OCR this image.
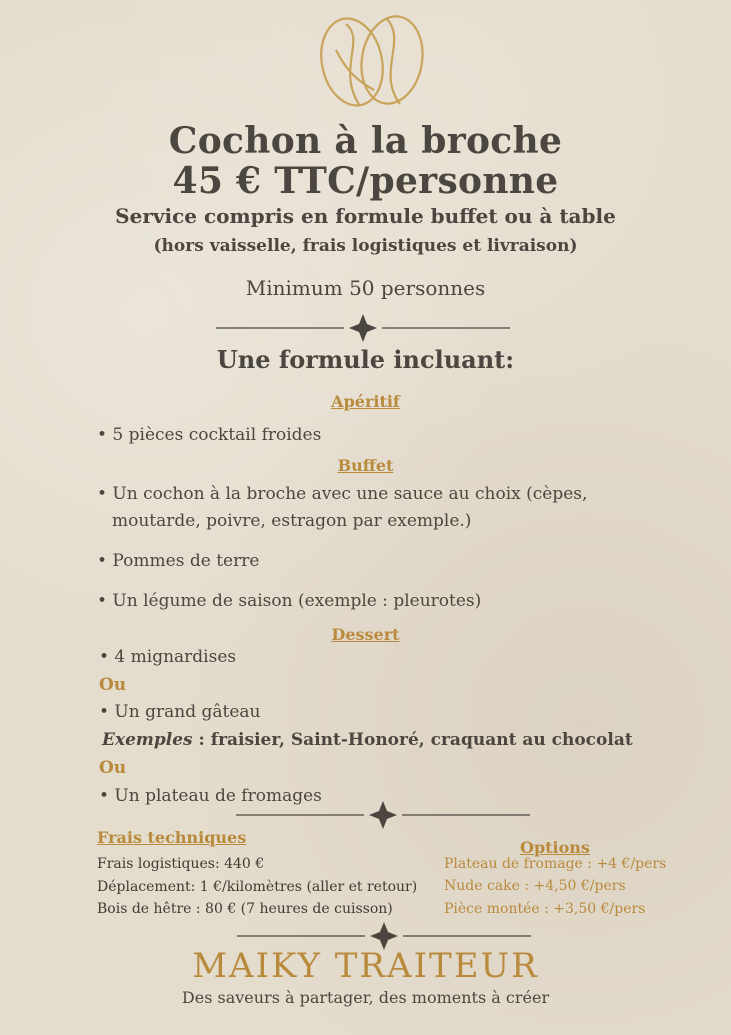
Cochon à la broche
45 € TTC/personne
Service compris en formule buffet ou à table
(hors vaisselle, frais logistiques et livraison)
Minimum 50 personnes
Une formule incluant:
Apéritif
• 5 pièces cocktail froides
Buffet
• Un cochon à la broche avec une sauce au choix (cèpes,
moutarde, poivre, estragon par exemple.)
• Pommes de terre
• Un légume de saison (exemple : pleurotes)
Dessert
• 4 mignardises
Ou
• Un grand gâteau
Exemples : fraisier, Saint-Honoré, craquant au chocolat
Ou
• Un plateau de fromages
Frais techniques
Frais logistiques: 440 €
Déplacement: 1 €/kilomètres (aller et retour)
Bois de hêtre : 80 € (7 heures de cuisson)
Options
Plateau de fromage : +4 €/pers
Nude cake : +4,50 €/pers
Pièce montée : +3,50 €/pers
MAIKY TRAITEUR
Des saveurs à partager, des moments à créer
